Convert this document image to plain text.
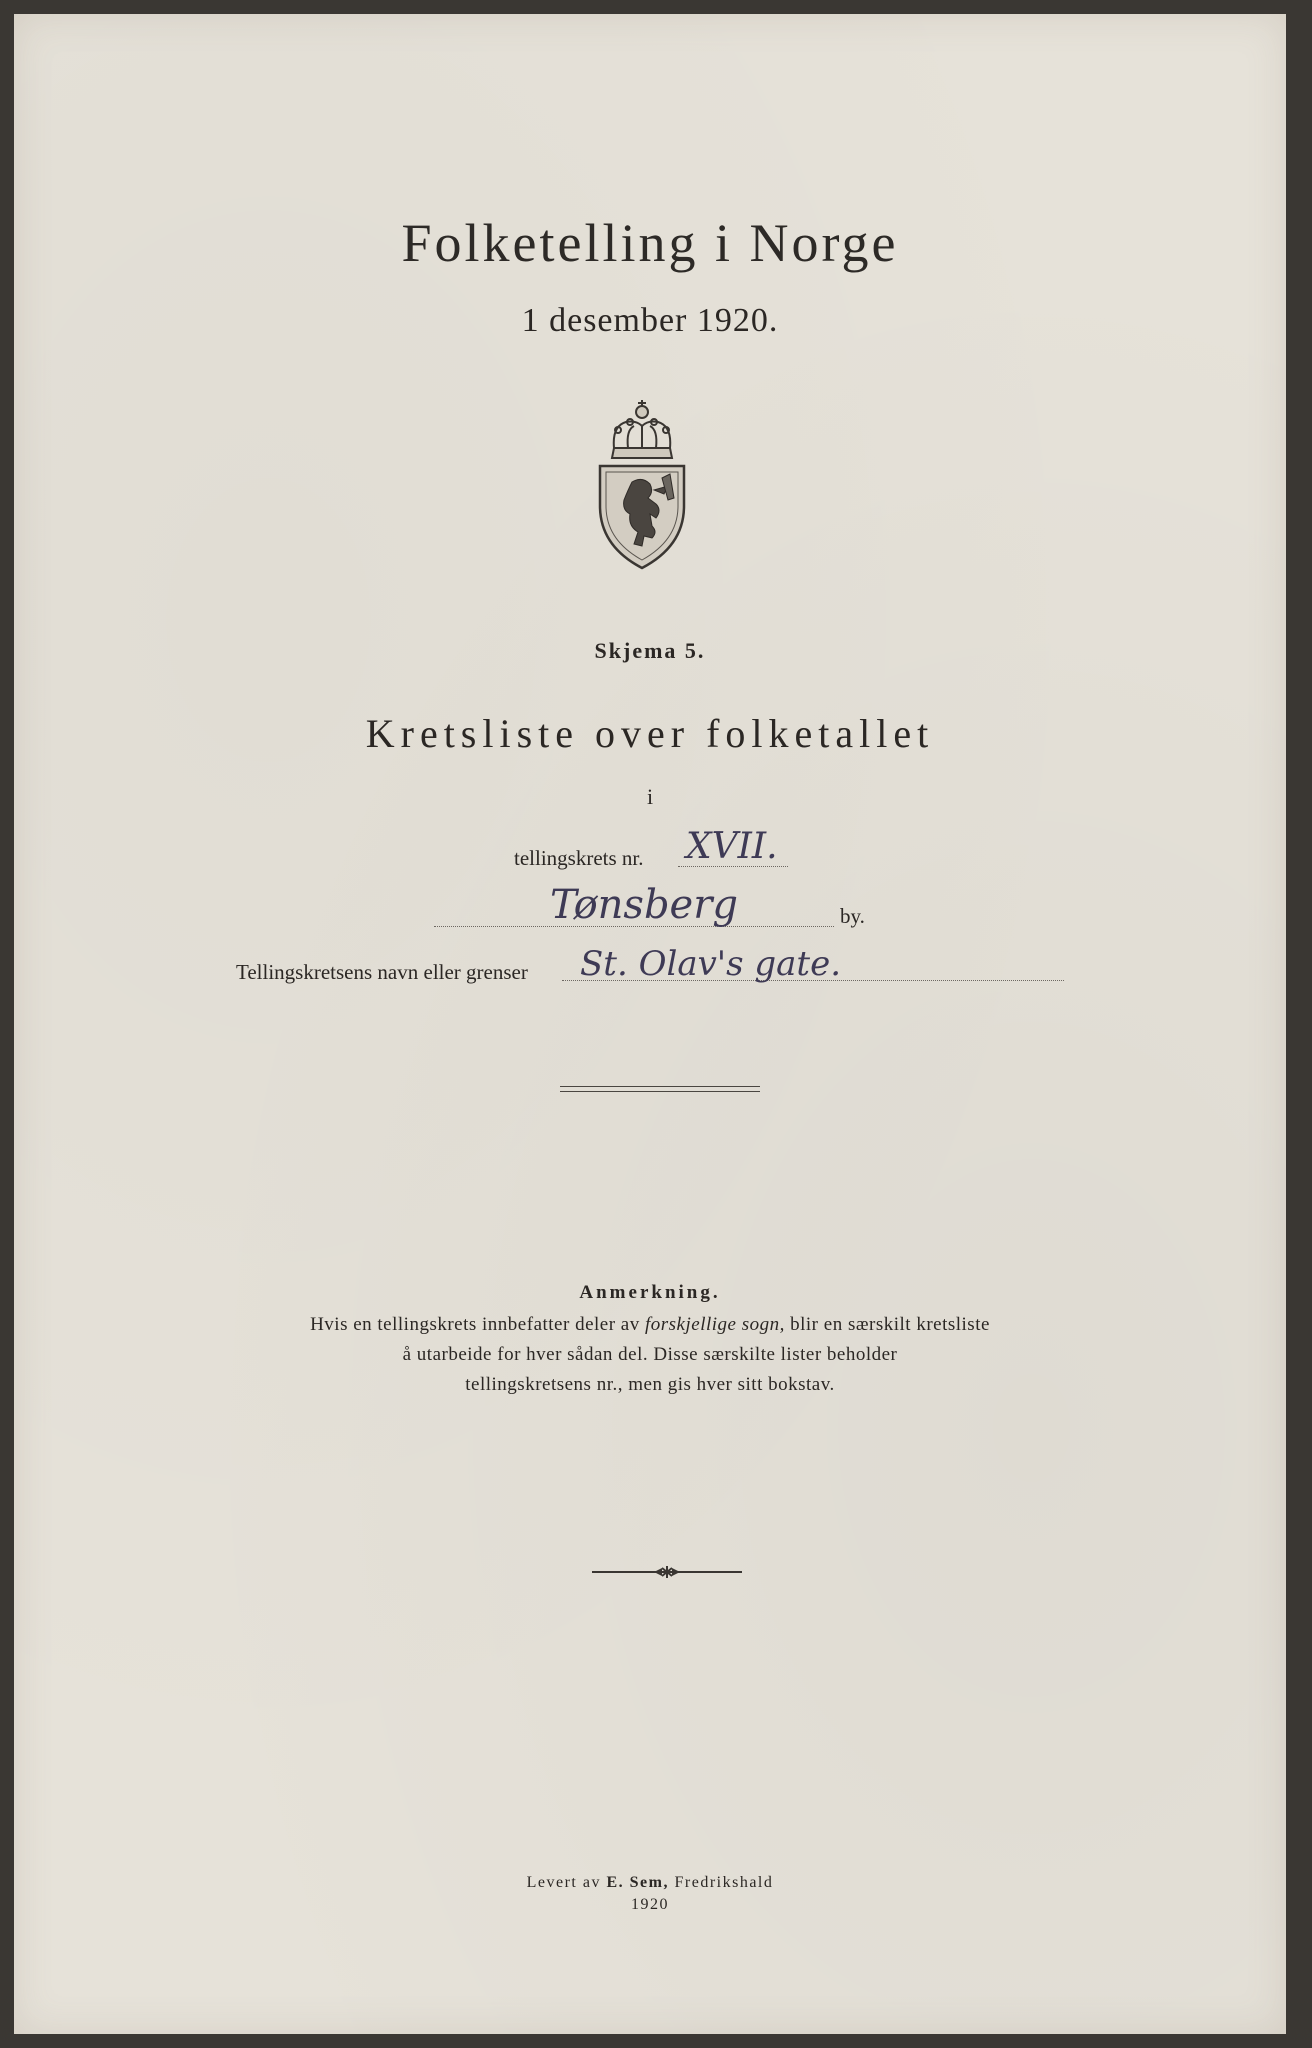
Folketelling i Norge
1 desember 1920.
Skjema 5.
Kretsliste over folketallet
i
tellingskrets nr. XVII.
Tønsberg	by.
Tellingskretsens navn eller grenser St. Olav's gate.
Anmerkning.
Hvis en tellingskrets innbefatter deler av forskjellige sogn, blir en særskilt kretsliste
å utarbeide for hver sådan del. Disse særskilte lister beholder
tellingskretsens nr., men gis hver sitt bokstav.
Levert av E. Sem, Fredrikshald
1920
